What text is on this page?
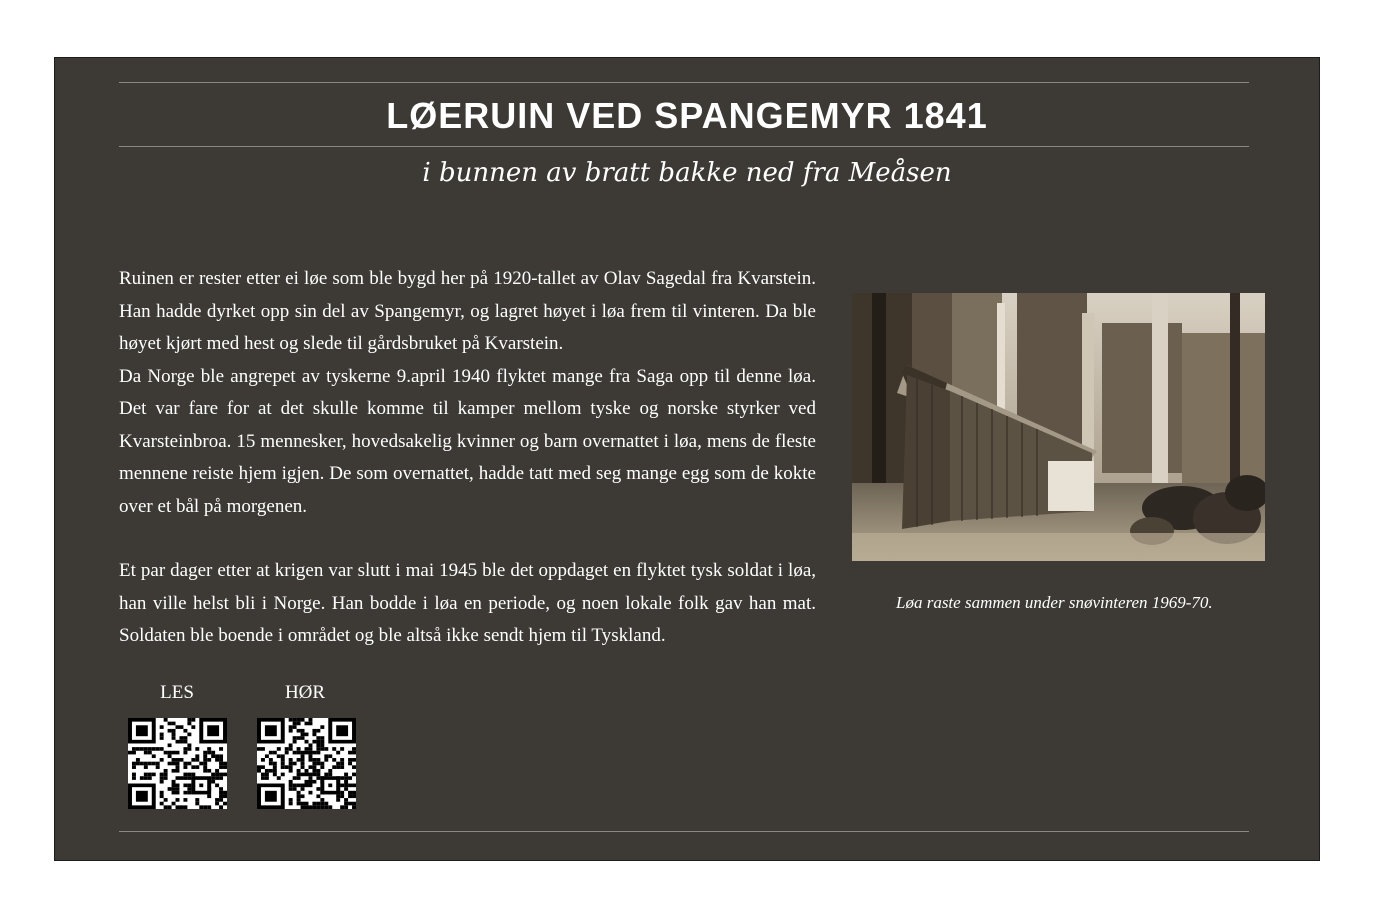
LØERUIN VED SPANGEMYR 1841
i bunnen av bratt bakke ned fra Meåsen

Ruinen er rester etter ei løe som ble bygd her på 1920-tallet av Olav Sagedal fra Kvarstein. Han hadde dyrket opp sin del av Spangemyr, og lagret høyet i løa frem til vinteren. Da ble høyet kjørt med hest og slede til gårdsbruket på Kvarstein.

Da Norge ble angrepet av tyskerne 9.april 1940 flyktet mange fra Saga opp til denne løa. Det var fare for at det skulle komme til kamper mellom tyske og norske styrker ved Kvarsteinbroa. 15 mennesker, hovedsakelig kvinner og barn overnattet i løa, mens de fleste mennene reiste hjem igjen. De som overnattet, hadde tatt med seg mange egg som de kokte over et bål på morgenen.

Et par dager etter at krigen var slutt i mai 1945 ble det oppdaget en flyktet tysk soldat i løa, han ville helst bli i Norge. Han bodde i løa en periode, og noen lokale folk gav han mat. Soldaten ble boende i området og ble altså ikke sendt hjem til Tyskland.

Løa raste sammen under snøvinteren 1969-70.
LES	HØR
